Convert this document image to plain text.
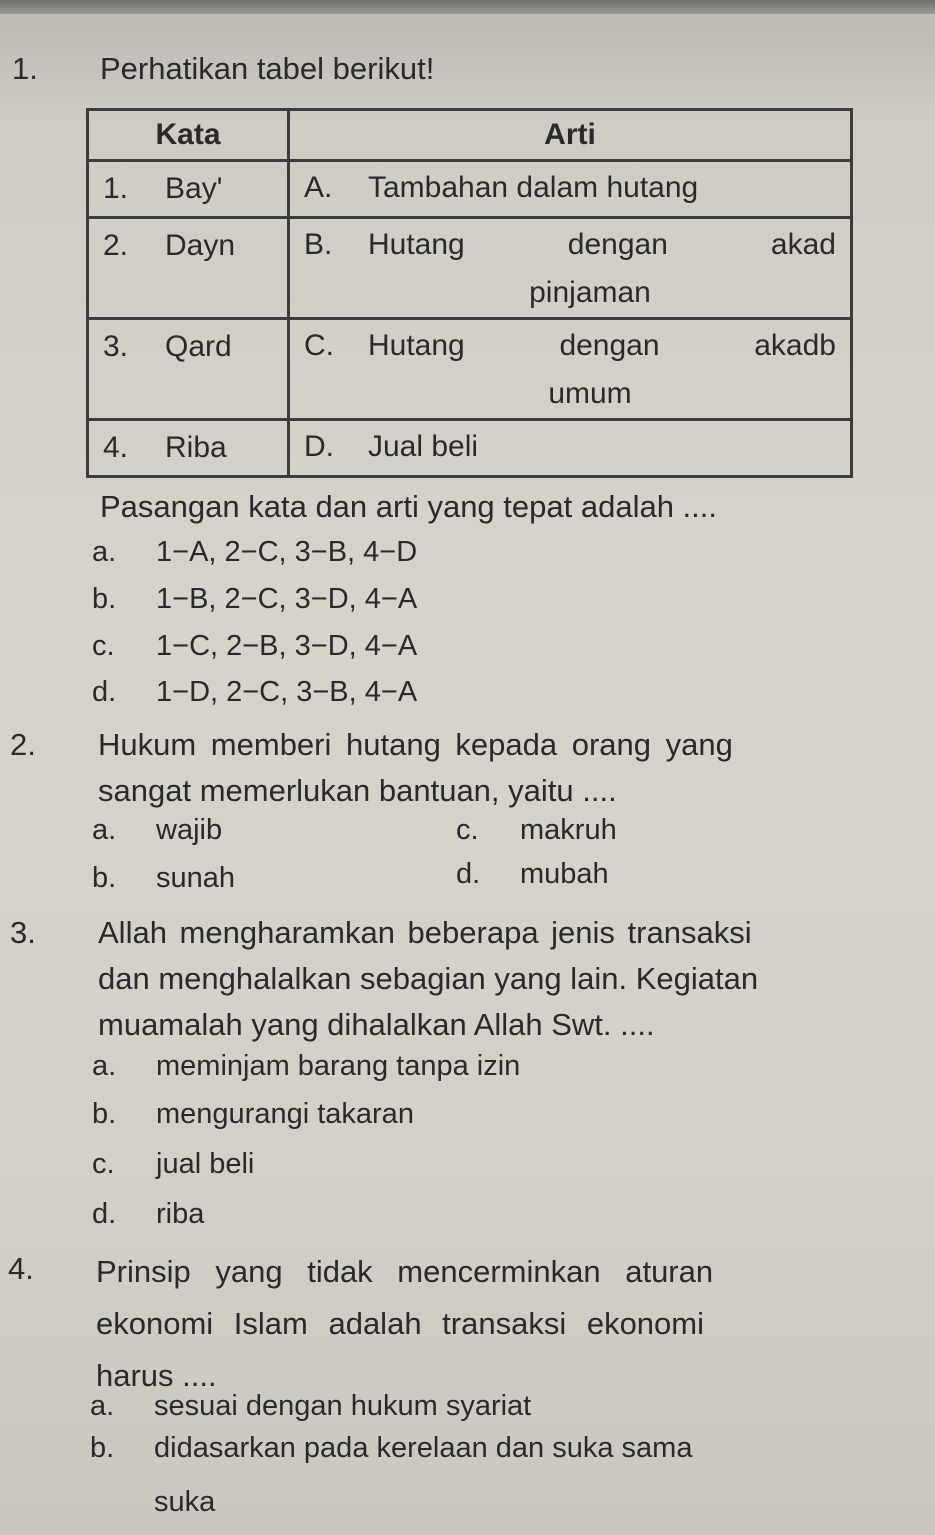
1. Perhatikan tabel berikut!
Kata	Arti
1. Bay'	A. Tambahan dalam hutang
2. Dayn	B. Hutang dengan akad
pinjaman

3. Qard	C. Hutang dengan akadb
umum

4. Riba	D. Jual beli
Pasangan kata dan arti yang tepat adalah ....
a. 1−A, 2−C, 3−B, 4−D
b. 1−B, 2−C, 3−D, 4−A
c. 1−C, 2−B, 3−D, 4−A
d. 1−D, 2−C, 3−B, 4−A
2. Hukum memberi hutang kepada orang yang
sangat memerlukan bantuan, yaitu ....
a. wajib
b. sunah
c. makruh
d. mubah
3. Allah mengharamkan beberapa jenis transaksi
dan menghalalkan sebagian yang lain. Kegiatan
muamalah yang dihalalkan Allah Swt. ....
a. meminjam barang tanpa izin
b. mengurangi takaran
c. jual beli
d. riba
4. Prinsip yang tidak mencerminkan aturan
ekonomi Islam adalah transaksi ekonomi
harus ....
a. sesuai dengan hukum syariat
b. didasarkan pada kerelaan dan suka sama
suka
